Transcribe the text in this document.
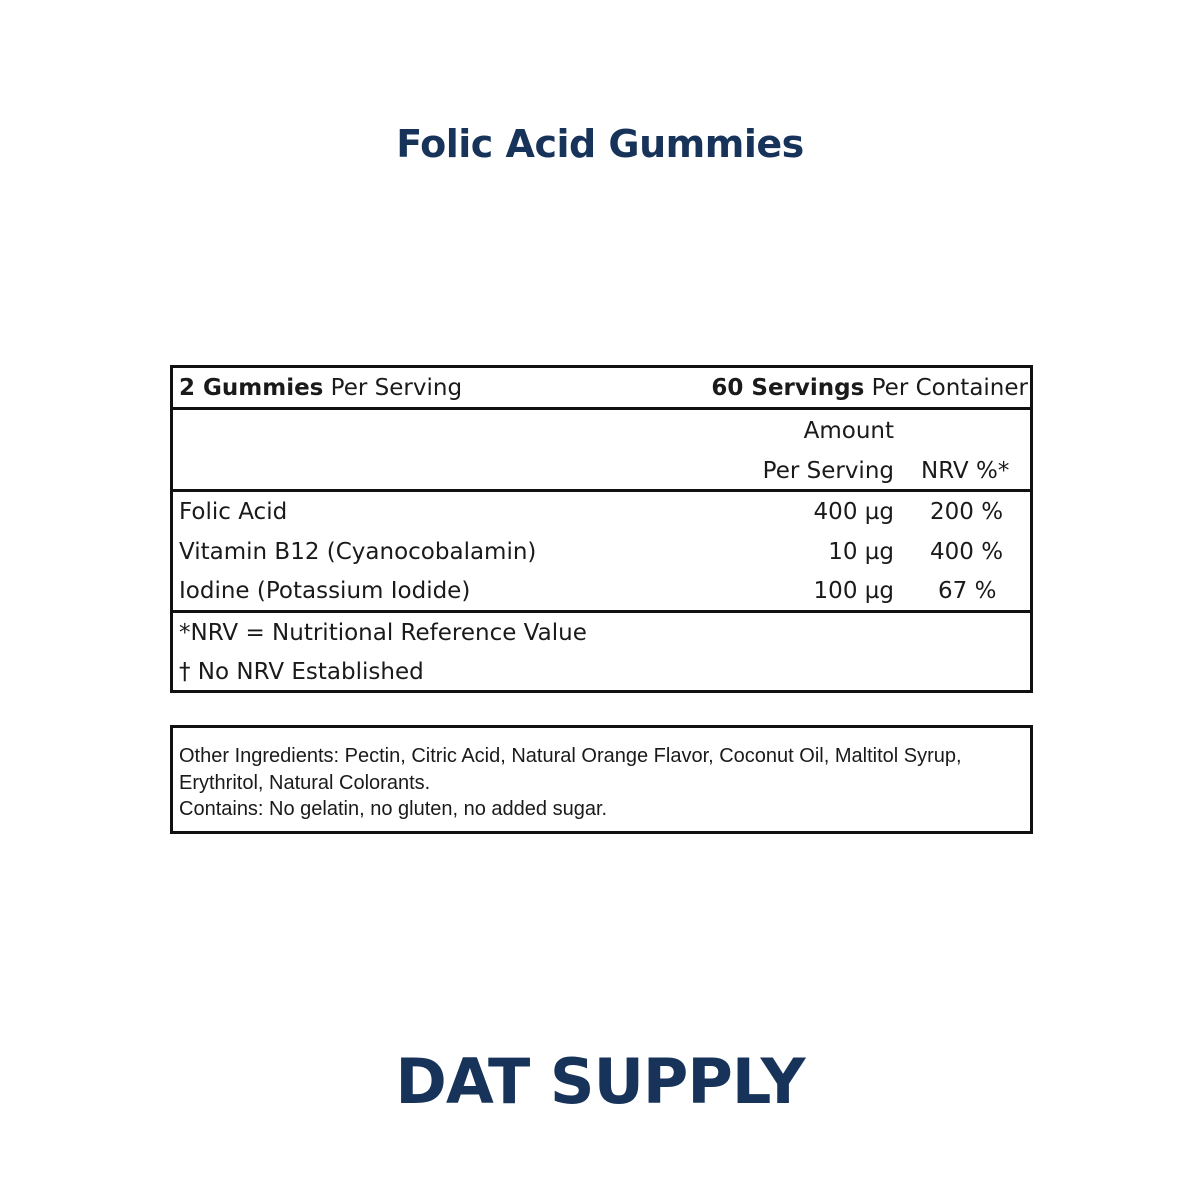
Folic Acid Gummies
2 Gummies Per Serving	60 Servings Per Container
Amount
Per Serving NRV %*
Folic Acid	400 µg 200 %
Vitamin B12 (Cyanocobalamin)	10 µg 400 %
Iodine (Potassium Iodide)	100 µg 67 %
*NRV = Nutritional Reference Value
† No NRV Established
Other Ingredients: Pectin, Citric Acid, Natural Orange Flavor, Coconut Oil, Maltitol Syrup, Erythritol, Natural Colorants.
Contains: No gelatin, no gluten, no added sugar.
DAT SUPPLY
